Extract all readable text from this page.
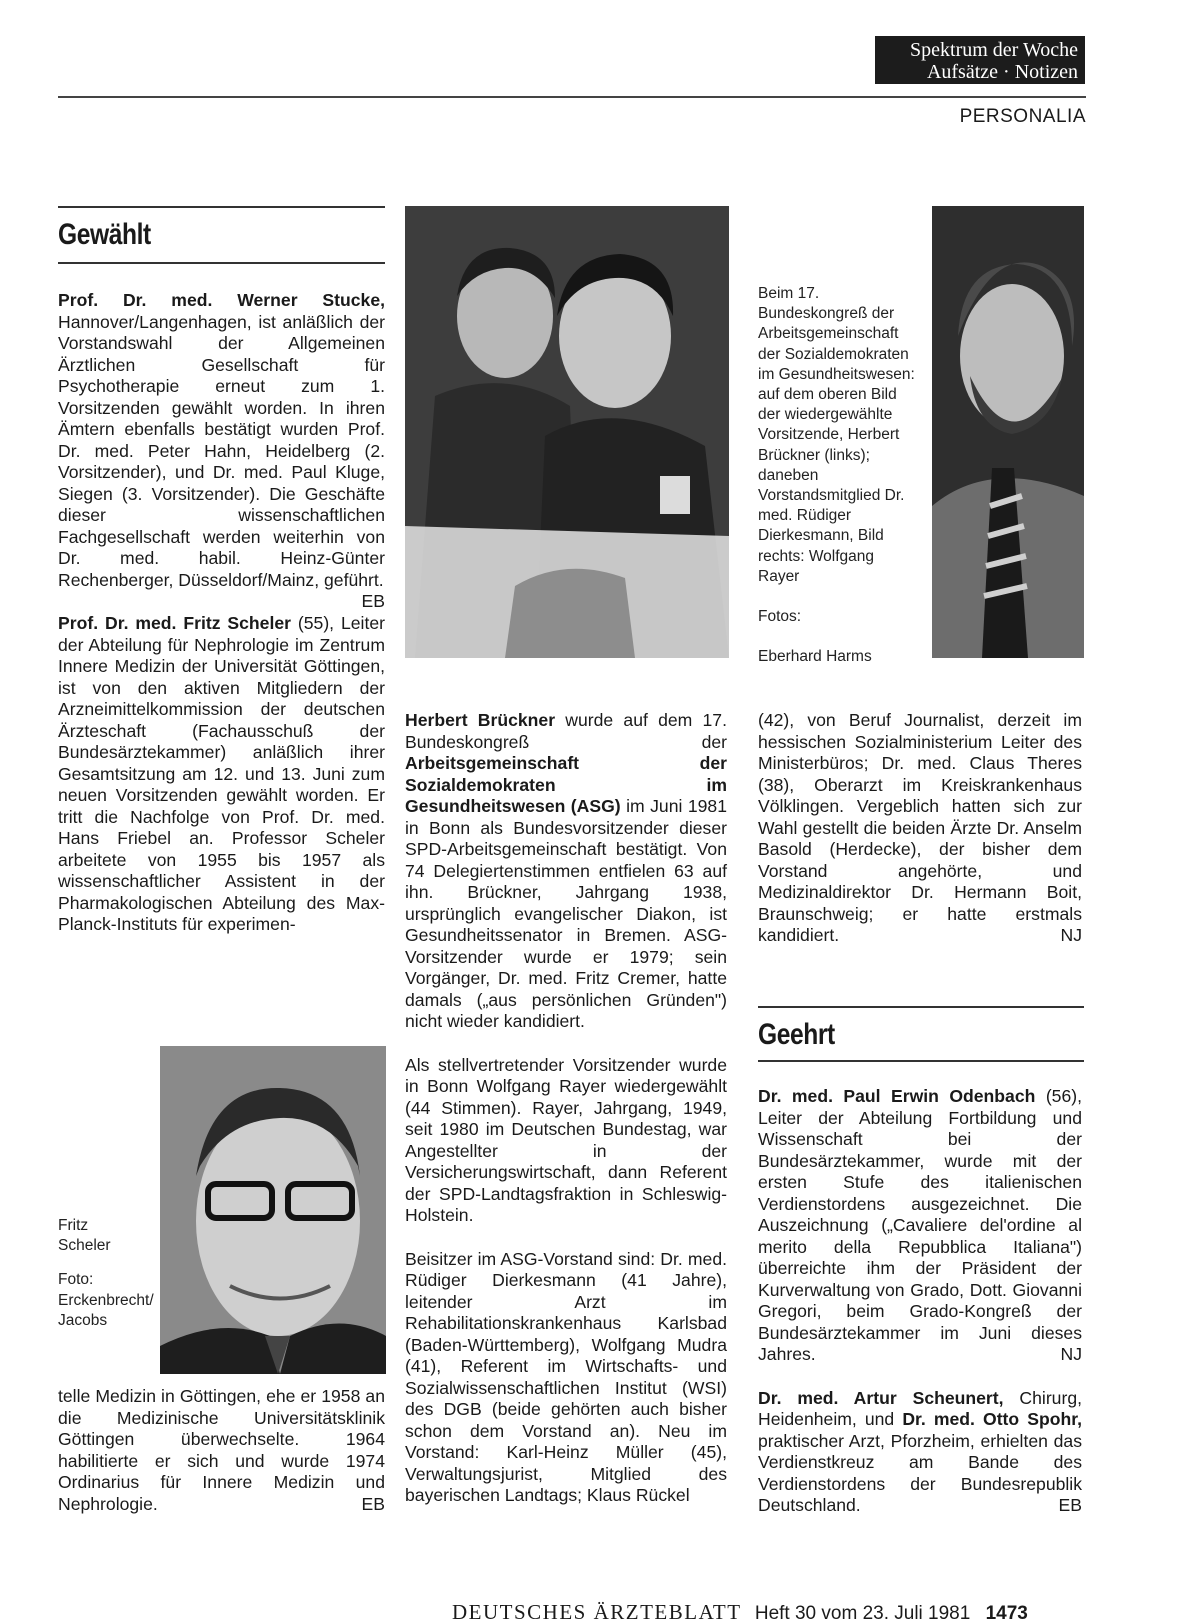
Spektrum der Woche
Aufsätze · Notizen
PERSONALIA
Gewählt

Prof. Dr. med. Werner Stucke, Hannover/Langenhagen, ist anläßlich der Vorstandswahl der Allgemeinen Ärztlichen Gesellschaft für Psychotherapie erneut zum 1. Vorsitzenden gewählt worden. In ihren Ämtern ebenfalls bestätigt wurden Prof. Dr. med. Peter Hahn, Heidelberg (2. Vorsitzender), und Dr. med. Paul Kluge, Siegen (3. Vorsitzender). Die Geschäfte dieser wissenschaftlichen Fachgesellschaft werden weiterhin von Dr. med. habil. Heinz-Günter Rechenberger, Düsseldorf/Mainz, geführt.
EB

Prof. Dr. med. Fritz Scheler (55), Leiter der Abteilung für Nephrologie im Zentrum Innere Medizin der Universität Göttingen, ist von den aktiven Mitgliedern der Arzneimittelkommission der deutschen Ärzteschaft (Fachausschuß der Bundesärztekammer) anläßlich ihrer Gesamtsitzung am 12. und 13. Juni zum neuen Vorsitzenden gewählt worden. Er tritt die Nachfolge von Prof. Dr. med. Hans Friebel an. Professor Scheler arbeitete von 1955 bis 1957 als wissenschaftlicher Assistent in der Pharmakologischen Abteilung des Max-Planck-Instituts für experimen-

Fritz Scheler
Foto: Erckenbrecht/ Jacobs

telle Medizin in Göttingen, ehe er 1958 an die Medizinische Universitätsklinik Göttingen überwechselte. 1964 habilitierte er sich und wurde 1974 Ordinarius für Innere Medizin und Nephrologie.	EB

Beim 17. Bundeskongreß der Arbeitsgemeinschaft der Sozialdemokraten im Gesundheitswesen: auf dem oberen Bild der wiedergewählte Vorsitzende, Herbert Brückner (links); daneben Vorstandsmitglied Dr. med. Rüdiger Dierkesmann, Bild rechts: Wolfgang Rayer
Fotos:
Eberhard Harms

Herbert Brückner wurde auf dem 17. Bundeskongreß der Arbeitsgemeinschaft der Sozialdemokraten im Gesundheitswesen (ASG) im Juni 1981 in Bonn als Bundesvorsitzender dieser SPD-Arbeitsgemeinschaft bestätigt. Von 74 Delegiertenstimmen entfielen 63 auf ihn. Brückner, Jahrgang 1938, ursprünglich evangelischer Diakon, ist Gesundheitssenator in Bremen. ASG-Vorsitzender wurde er 1979; sein Vorgänger, Dr. med. Fritz Cremer, hatte damals („aus persönlichen Gründen") nicht wieder kandidiert.

Als stellvertretender Vorsitzender wurde in Bonn Wolfgang Rayer wiedergewählt (44 Stimmen). Rayer, Jahrgang, 1949, seit 1980 im Deutschen Bundestag, war Angestellter in der Versicherungswirtschaft, dann Referent der SPD-Landtagsfraktion in Schleswig-Holstein.

Beisitzer im ASG-Vorstand sind: Dr. med. Rüdiger Dierkesmann (41 Jahre), leitender Arzt im Rehabilitationskrankenhaus Karlsbad (Baden-Württemberg), Wolfgang Mudra (41), Referent im Wirtschafts- und Sozialwissenschaftlichen Institut (WSI) des DGB (beide gehörten auch bisher schon dem Vorstand an). Neu im Vorstand: Karl-Heinz Müller (45), Verwaltungsjurist, Mitglied des bayerischen Landtags; Klaus Rückel

(42), von Beruf Journalist, derzeit im hessischen Sozialministerium Leiter des Ministerbüros; Dr. med. Claus Theres (38), Oberarzt im Kreiskrankenhaus Völklingen. Vergeblich hatten sich zur Wahl gestellt die beiden Ärzte Dr. Anselm Basold (Herdecke), der bisher dem Vorstand angehörte, und Medizinaldirektor Dr. Hermann Boit, Braunschweig; er hatte erstmals kandidiert.	NJ

Geehrt

Dr. med. Paul Erwin Odenbach (56), Leiter der Abteilung Fortbildung und Wissenschaft bei der Bundesärztekammer, wurde mit der ersten Stufe des italienischen Verdienstordens ausgezeichnet. Die Auszeichnung („Cavaliere del'ordine al merito della Repubblica Italiana") überreichte ihm der Präsident der Kurverwaltung von Grado, Dott. Giovanni Gregori, beim Grado-Kongreß der Bundesärztekammer im Juni dieses Jahres.	NJ

Dr. med. Artur Scheunert, Chirurg, Heidenheim, und Dr. med. Otto Spohr, praktischer Arzt, Pforzheim, erhielten das Verdienstkreuz am Bande des Verdienstordens der Bundesrepublik Deutschland.	EB

DEUTSCHES ÄRZTEBLATT Heft 30 vom 23. Juli 1981 1473
